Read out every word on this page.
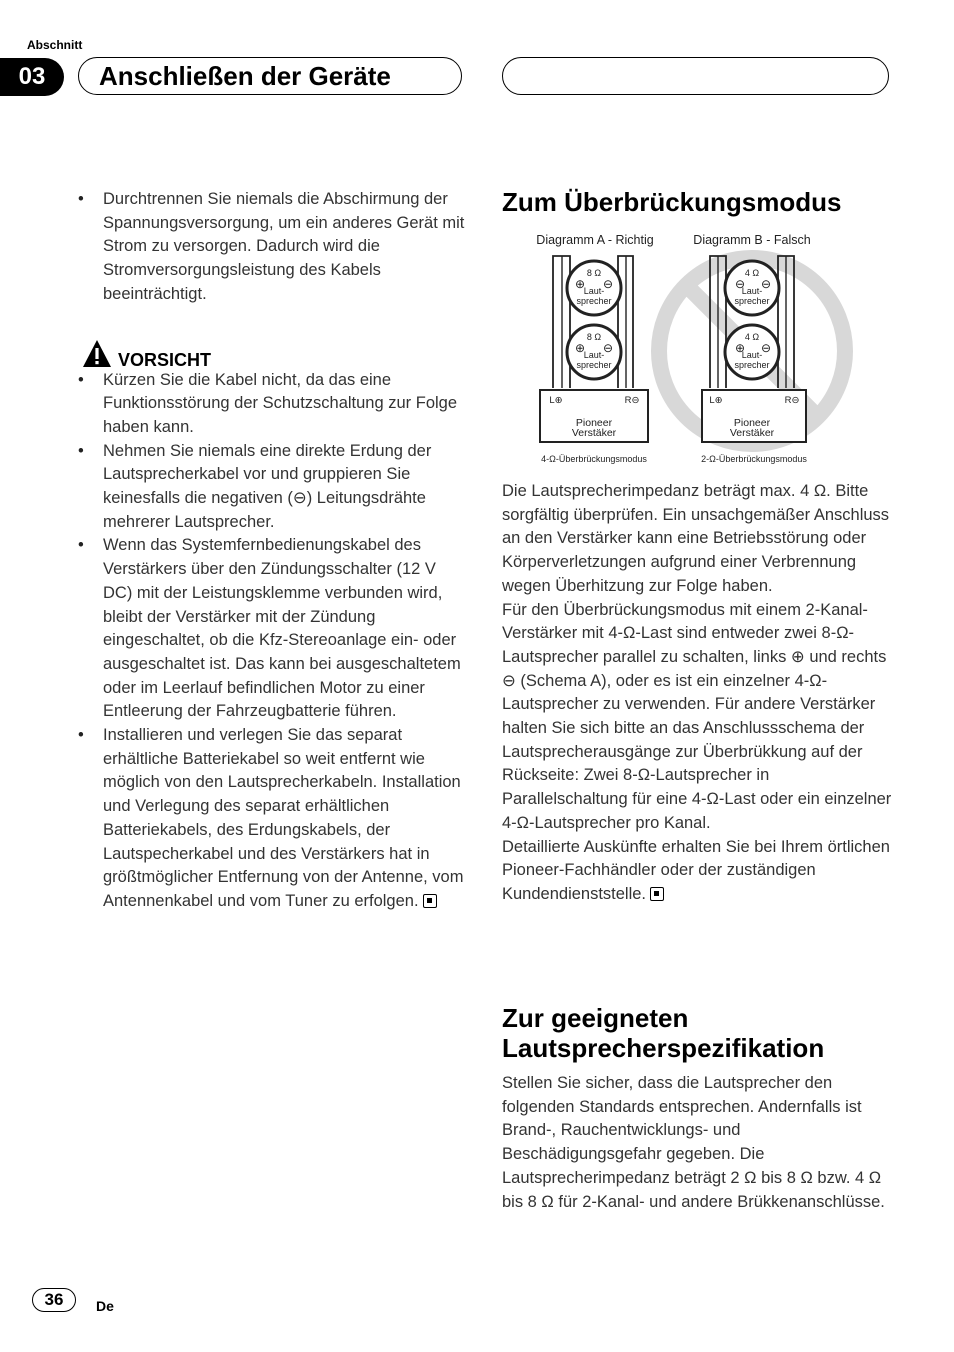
Abschnitt
03	Anschließen der Geräte
• Durchtrennen Sie niemals die Abschirmung der Spannungsversorgung, um ein anderes Gerät mit Strom zu versorgen. Dadurch wird die Stromversorgungsleistung des Kabels beeinträchtigt.
VORSICHT
• Kürzen Sie die Kabel nicht, da das eine Funktionsstörung der Schutzschaltung zur Folge haben kann.
• Nehmen Sie niemals eine direkte Erdung der Lautsprecherkabel vor und gruppieren Sie keinesfalls die negativen (⊖) Leitungsdrähte mehrerer Lautsprecher.
• Wenn das Systemfernbedienungskabel des Verstärkers über den Zündungsschalter (12 V DC) mit der Leistungsklemme verbunden wird, bleibt der Verstärker mit der Zündung eingeschaltet, ob die Kfz-Stereoanlage ein- oder ausgeschaltet ist. Das kann bei ausgeschaltetem oder im Leerlauf befindlichen Motor zu einer Entleerung der Fahrzeugbatterie führen.
• Installieren und verlegen Sie das separat erhältliche Batteriekabel so weit entfernt wie möglich von den Lautsprecherkabeln. Installation und Verlegung des separat erhältlichen Batteriekabels, des Erdungskabels, der Lautspecherkabel und des Verstärkers hat in größtmöglicher Entfernung von der Antenne, vom Antennenkabel und vom Tuner zu erfolgen.
Zum Überbrückungsmodus
Diagramm A - Richtig
8 Ω
Laut-
sprecher
8 Ω
Laut-
sprecher
⊕ ⊖
⊕ ⊖
L⊕	R⊖
Pioneer
Verstäker
4-Ω-Überbrückungsmodus
Diagramm B - Falsch
4 Ω
Laut-
sprecher
4 Ω
Laut-
sprecher
⊖ ⊖
⊕ ⊖
L⊕	R⊖
Pioneer
Verstäker
2-Ω-Überbrückungsmodus

Die Lautsprecherimpedanz beträgt max. 4 Ω. Bitte sorgfältig überprüfen. Ein unsachgemäßer Anschluss an den Verstärker kann eine Betriebsstörung oder Körperverletzungen aufgrund einer Verbrennung wegen Überhitzung zur Folge haben.

Für den Überbrückungsmodus mit einem 2-Kanal-Verstärker mit 4-Ω-Last sind entweder zwei 8-Ω-Lautsprecher parallel zu schalten, links ⊕ und rechts ⊖ (Schema A), oder es ist ein einzelner 4-Ω-Lautsprecher zu verwenden. Für andere Verstärker halten Sie sich bitte an das Anschlussschema der Lautsprecherausgänge zur Überbrükkung auf der Rückseite: Zwei 8-Ω-Lautsprecher in Parallelschaltung für eine 4-Ω-Last oder ein einzelner 4-Ω-Lautsprecher pro Kanal.

Detaillierte Auskünfte erhalten Sie bei Ihrem örtlichen Pioneer-Fachhändler oder der zuständigen Kundendienststelle.

Zur geeigneten Lautsprecherspezifikation
Stellen Sie sicher, dass die Lautsprecher den folgenden Standards entsprechen. Andernfalls ist Brand-, Rauchentwicklungs- und Beschädigungsgefahr gegeben. Die Lautsprecherimpedanz beträgt 2 Ω bis 8 Ω bzw. 4 Ω bis 8 Ω für 2-Kanal- und andere Brükkenanschlüsse.
36	De
